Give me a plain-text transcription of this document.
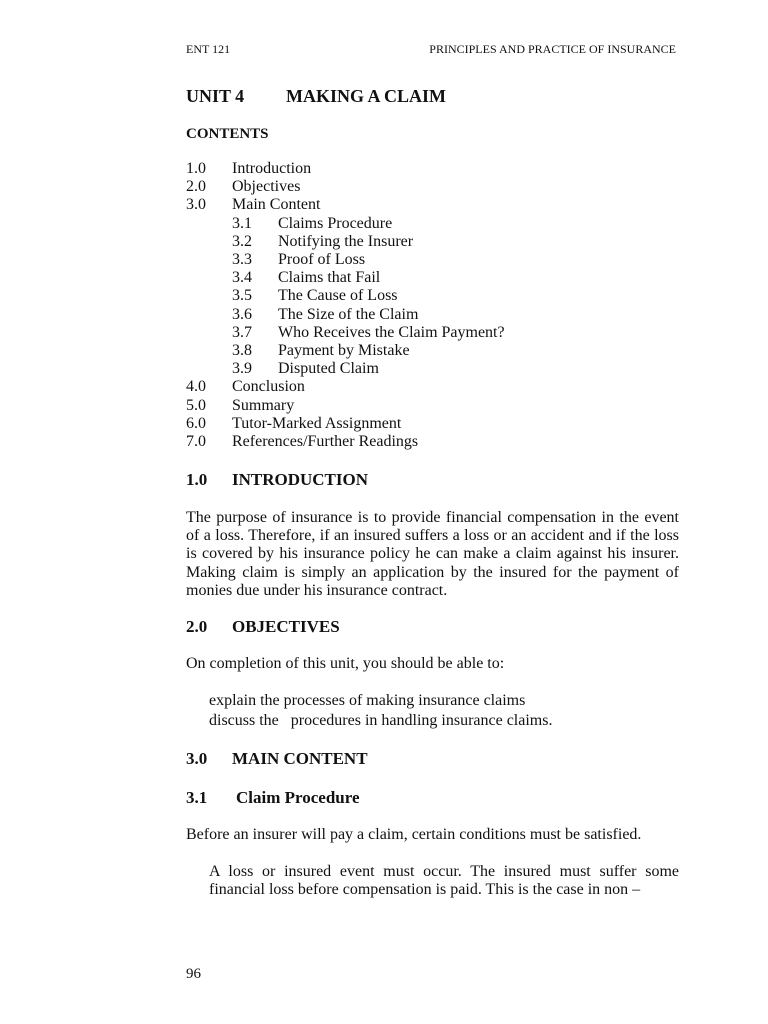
ENT 121	PRINCIPLES AND PRACTICE OF INSURANCE
UNIT 4 MAKING A CLAIM
CONTENTS
1.0 Introduction
2.0 Objectives
3.0 Main Content
3.1 Claims Procedure
3.2 Notifying the Insurer
3.3 Proof of Loss
3.4 Claims that Fail
3.5 The Cause of Loss
3.6 The Size of the Claim
3.7 Who Receives the Claim Payment?
3.8 Payment by Mistake
3.9 Disputed Claim
4.0 Conclusion
5.0 Summary
6.0 Tutor-Marked Assignment
7.0 References/Further Readings
1.0 INTRODUCTION
The purpose of insurance is to provide financial compensation in the event of a loss. Therefore, if an insured suffers a loss or an accident and if the loss is covered by his insurance policy he can make a claim against his insurer. Making claim is simply an application by the insured for the payment of monies due under his insurance contract.
2.0 OBJECTIVES
On completion of this unit, you should be able to:
explain the processes of making insurance claims
discuss the   procedures in handling insurance claims.
3.0 MAIN CONTENT
3.1 Claim Procedure
Before an insurer will pay a claim, certain conditions must be satisfied.
A loss or insured event must occur. The insured must suffer some financial loss before compensation is paid. This is the case in non –
96
